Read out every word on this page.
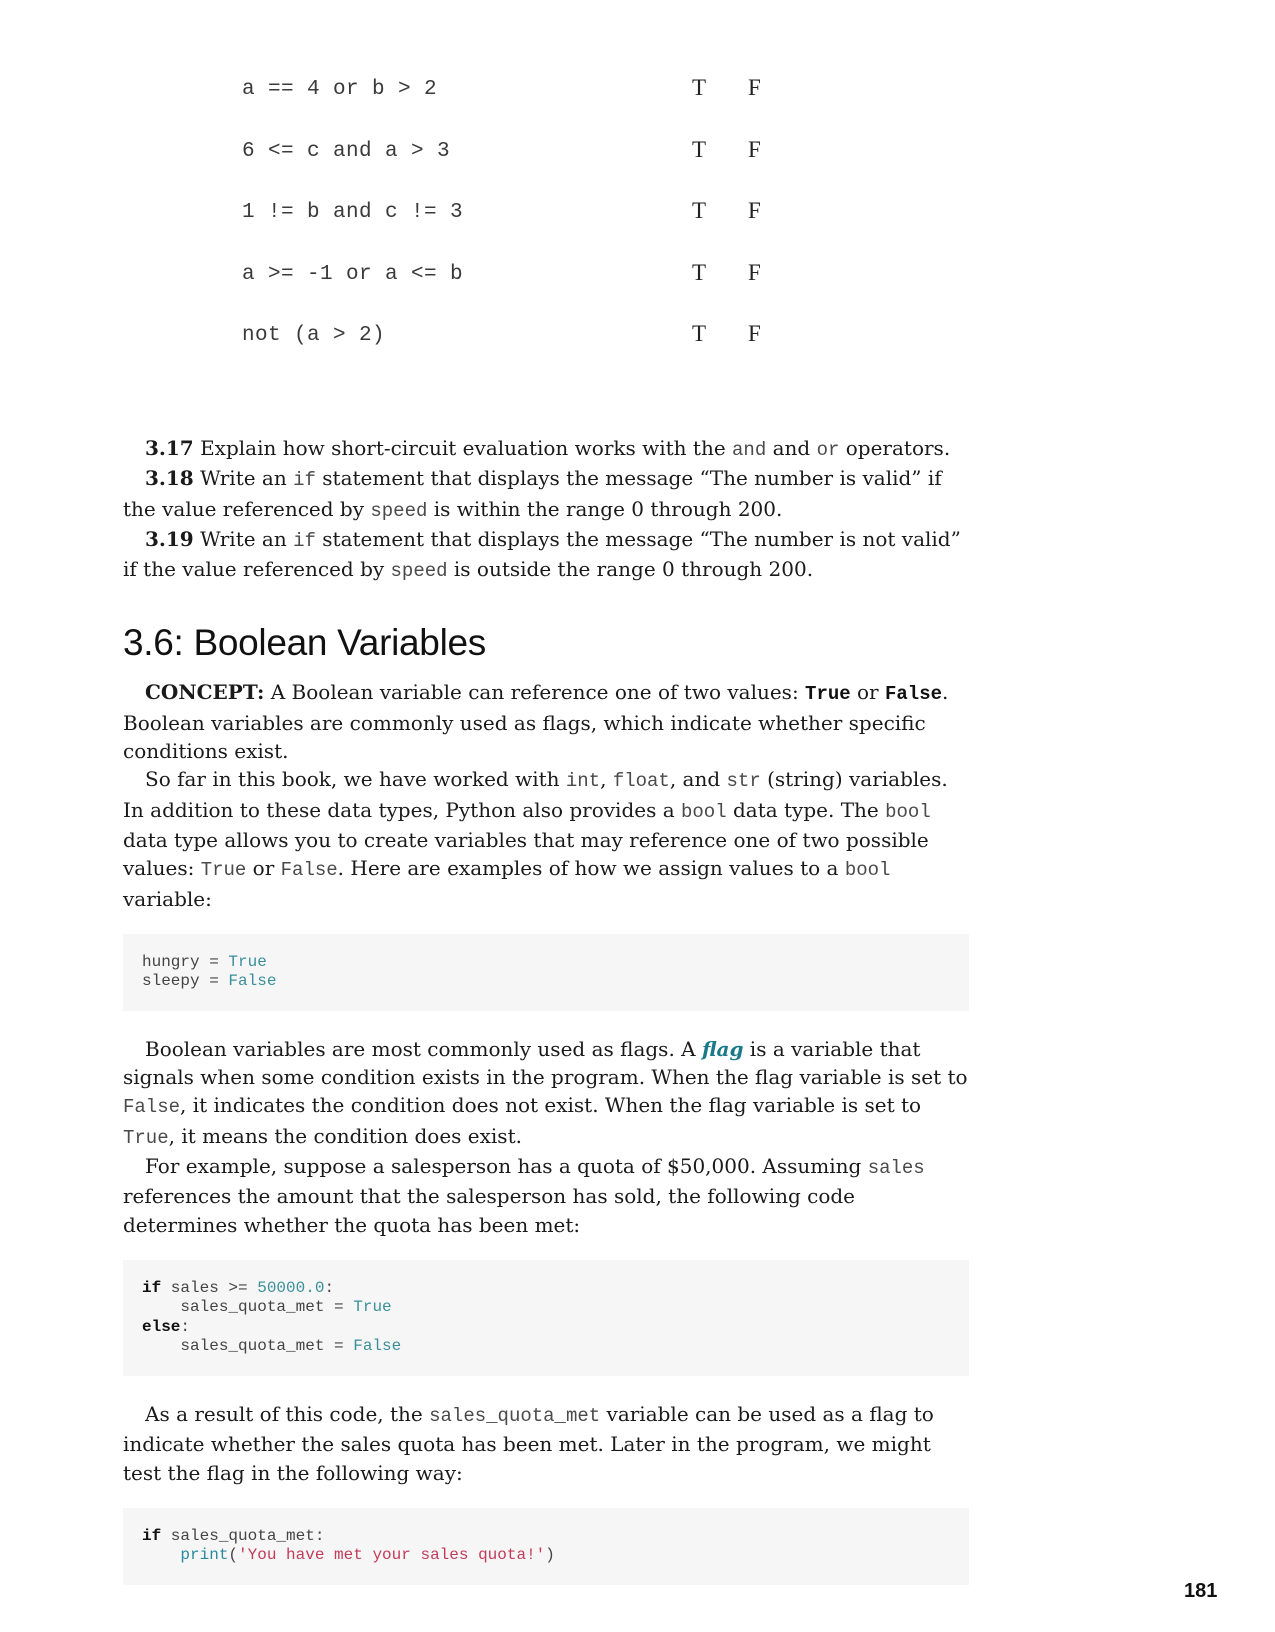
a == 4 or b > 2	T F
6 <= c and a > 3	T F
1 != b and c != 3	T F
a >= -1 or a <= b	T F
not (a > 2)	T F

3.17 Explain how short-circuit evaluation works with the and and or operators.

3.18 Write an if statement that displays the message “The number is valid” if the value referenced by speed is within the range 0 through 200.

3.19 Write an if statement that displays the message “The number is not valid” if the value referenced by speed is outside the range 0 through 200.

3.6: Boolean Variables

CONCEPT: A Boolean variable can reference one of two values: True or False. Boolean variables are commonly used as flags, which indicate whether specific conditions exist.

So far in this book, we have worked with int, float, and str (string) variables. In addition to these data types, Python also provides a bool data type. The bool data type allows you to create variables that may reference one of two possible values: True or False. Here are examples of how we assign values to a bool variable:

hungry = True
sleepy = False

Boolean variables are most commonly used as flags. A flag is a variable that signals when some condition exists in the program. When the flag variable is set to False, it indicates the condition does not exist. When the flag variable is set to True, it means the condition does exist.

For example, suppose a salesperson has a quota of $50,000. Assuming sales references the amount that the salesperson has sold, the following code determines whether the quota has been met:

if sales >= 50000.0:
sales_quota_met = True
else:
sales_quota_met = False

As a result of this code, the sales_quota_met variable can be used as a flag to indicate whether the sales quota has been met. Later in the program, we might test the flag in the following way:

if sales_quota_met:
print('You have met your sales quota!')
181
